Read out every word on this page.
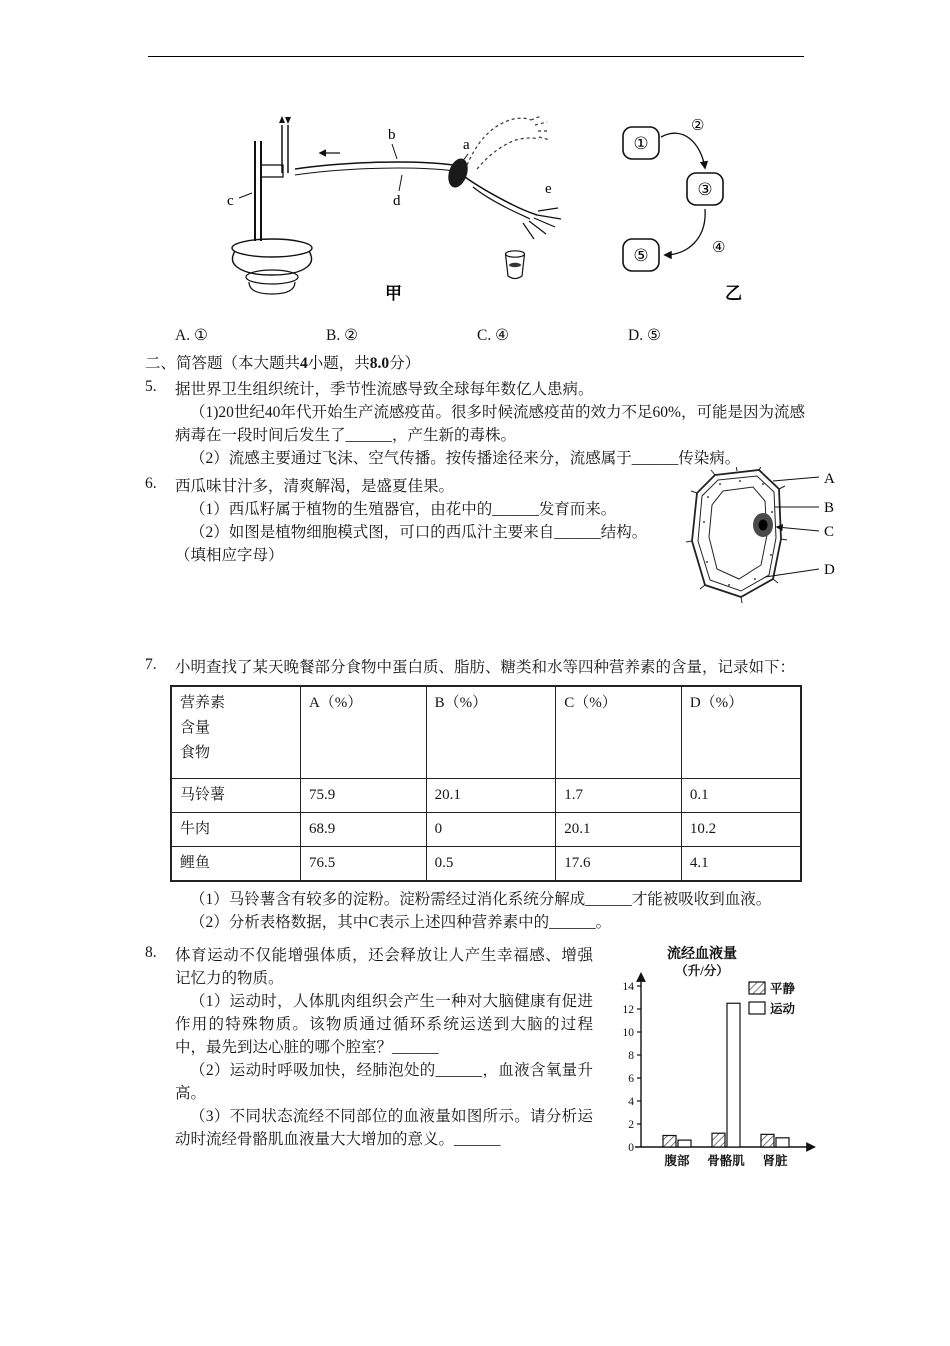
b
a
c	d
e
甲
①
③
⑤
②
④
乙
A. ①	B. ②	C. ④	D. ⑤
二、简答题（本大题共4小题，共8.0分）
5.	据世界卫生组织统计，季节性流感导致全球每年数亿人患病。

（1)20世纪40年代开始生产流感疫苗。很多时候流感疫苗的效力不足60%，可能是因为流感病毒在一段时间后发生了______，产生新的毒株。

（2）流感主要通过飞沫、空气传播。按传播途径来分，流感属于______传染病。

6.	A
B
C
D

西瓜味甘汁多，清爽解渴，是盛夏佳果。

（1）西瓜籽属于植物的生殖器官，由花中的______发育而来。

（2）如图是植物细胞模式图，可口的西瓜汁主要来自______结构。

（填相应字母）

7.	小明查找了某天晚餐部分食物中蛋白质、脂肪、糖类和水等四种营养素的含量，记录如下：

营养素
含量
食物	A（%）	B（%）	C（%）	D（%）
马铃薯	75.9	20.1	1.7	0.1
牛肉	68.9	0	20.1	10.2
鲤鱼	76.5	0.5	17.6	4.1

（1）马铃薯含有较多的淀粉。淀粉需经过消化系统分解成______才能被吸收到血液。

（2）分析表格数据，其中C表示上述四种营养素中的______。

8.	流经血液量
（升/分）
0
2
4
6
8
10
12
14
腹部 骨骼肌 肾脏
平静
运动

体育运动不仅能增强体质，还会释放让人产生幸福感、增强记忆力的物质。

（1）运动时，人体肌肉组织会产生一种对大脑健康有促进作用的特殊物质。该物质通过循环系统运送到大脑的过程中，最先到达心脏的哪个腔室？______

（2）运动时呼吸加快，经肺泡处的______，血液含氧量升高。

（3）不同状态流经不同部位的血液量如图所示。请分析运动时流经骨骼肌血液量大大增加的意义。______
